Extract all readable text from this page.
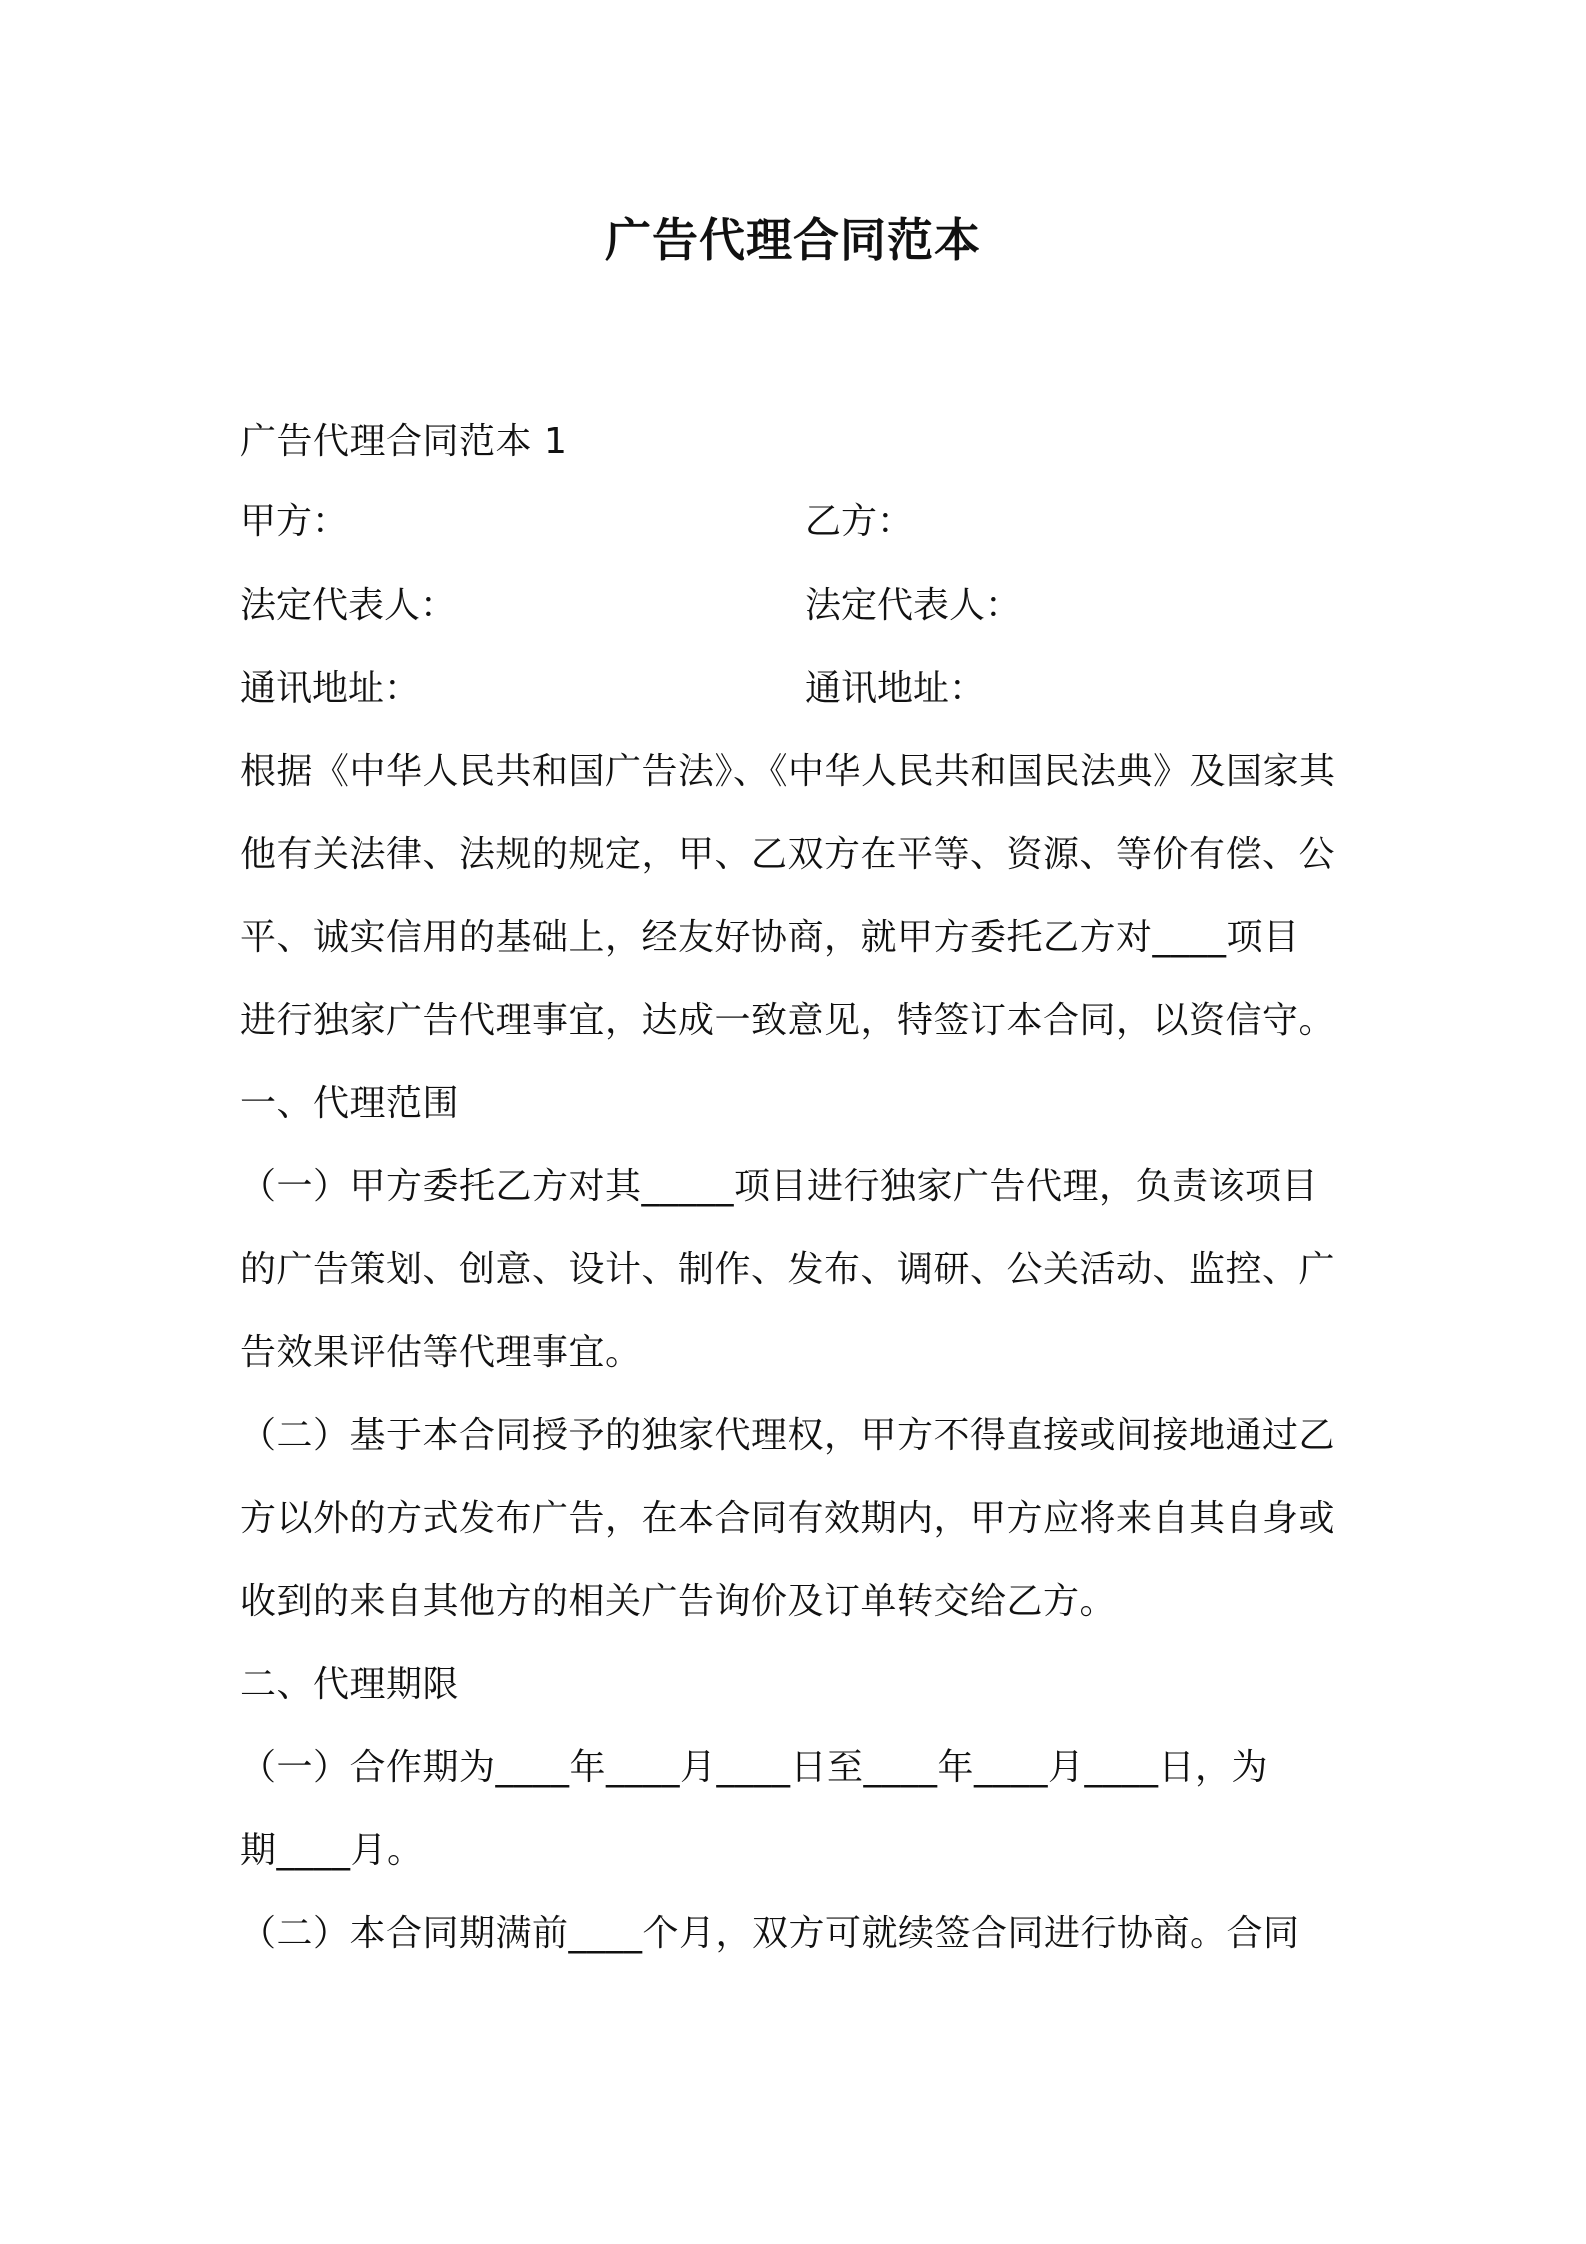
广告代理合同范本
广告代理合同范本 1
甲方：	乙方：
法定代表人：	法定代表人：
通讯地址：	通讯地址：
根据《中华人民共和国广告法》、《中华人民共和国民法典》及国家其
他有关法律、法规的规定，甲、乙双方在平等、资源、等价有偿、公
平、诚实信用的基础上，经友好协商，就甲方委托乙方对____项目
进行独家广告代理事宜，达成一致意见，特签订本合同，以资信守。
一、代理范围
（一）甲方委托乙方对其_____项目进行独家广告代理，负责该项目
的广告策划、创意、设计、制作、发布、调研、公关活动、监控、广
告效果评估等代理事宜。
（二）基于本合同授予的独家代理权，甲方不得直接或间接地通过乙
方以外的方式发布广告，在本合同有效期内，甲方应将来自其自身或
收到的来自其他方的相关广告询价及订单转交给乙方。
二、代理期限
（一）合作期为____年____月____日至____年____月____日，为
期____月。
（二）本合同期满前____个月，双方可就续签合同进行协商。合同
